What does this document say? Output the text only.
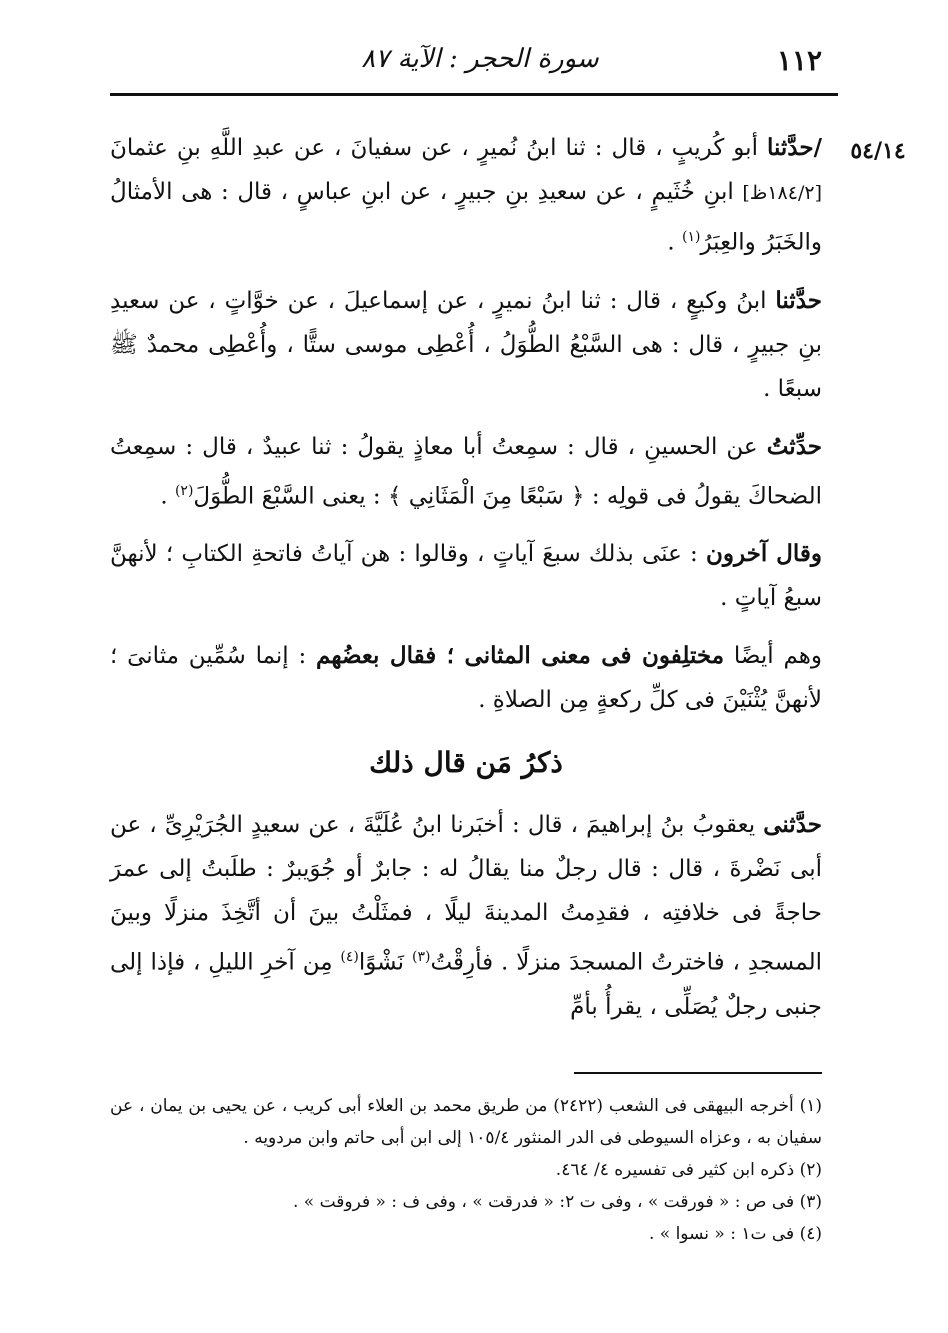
١١٢
سورة الحجر : الآية ٨٧
٥٤/١٤

/حدَّثنا أبو كُريبٍ ، قال : ثنا ابنُ نُميرٍ ، عن سفيانَ ، عن عبدِ اللَّهِ بنِ عثمانَ [١٨٤/٢ظ] ابنِ خُثَيمٍ ، عن سعيدِ بنِ جبيرٍ ، عن ابنِ عباسٍ ، قال : هى الأمثالُ والخَبَرُ والعِبَرُ$^{(١)}$ .

حدَّثنا ابنُ وكيعٍ ، قال : ثنا ابنُ نميرٍ ، عن إسماعيلَ ، عن خوَّاتٍ ، عن سعيدِ بنِ جبيرٍ ، قال : هى السَّبْعُ الطُّوَلُ ، أُعْطِى موسى ستًّا ، وأُعْطِى محمدٌ ﷺ سبعًا .

حدِّثتُ عن الحسينِ ، قال : سمِعتُ أبا معاذٍ يقولُ : ثنا عبيدٌ ، قال : سمِعتُ الضحاكَ يقولُ فى قولِه : ﴿ سَبْعًا مِنَ الْمَثَانِي ﴾ : يعنى السَّبْعَ الطُّوَلَ$^{(٢)}$ .

وقال آخرون : عنَى بذلك سبعَ آياتٍ ، وقالوا : هن آياتُ فاتحةِ الكتابِ ؛ لأنهنَّ سبعُ آياتٍ .

وهم أيضًا مختلِفون فى معنى المثانى ؛ فقال بعضُهم : إنما سُمِّين مثانىَ ؛ لأنهنَّ يُثْنَيْنَ فى كلِّ ركعةٍ مِن الصلاةِ .

ذكرُ مَن قال ذلك

حدَّثنى يعقوبُ بنُ إبراهيمَ ، قال : أخبَرنا ابنُ عُلَيَّةَ ، عن سعيدٍ الجُرَيْرِىِّ ، عن أبى نَضْرةَ ، قال : قال رجلٌ منا يقالُ له : جابرٌ أو جُوَيبرٌ : طلَبتُ إلى عمرَ حاجةً فى خلافتِه ، فقدِمتُ المدينةَ ليلًا ، فمثَلْتُ بينَ أن أتَّخِذَ منزلًا وبينَ المسجدِ ، فاخترتُ المسجدَ منزلًا . فأرِقْتُ$^{(٣)}$ نَشْوًا$^{(٤)}$ مِن آخرِ الليلِ ، فإذا إلى جنبى رجلٌ يُصَلِّى ، يقرأُ بأمِّ

(١) أخرجه البيهقى فى الشعب (٢٤٢٢) من طريق محمد بن العلاء أبى كريب ، عن يحيى بن يمان ، عن سفيان به ، وعزاه السيوطى فى الدر المنثور ١٠٥/٤ إلى ابن أبى حاتم وابن مردويه .

(٢) ذكره ابن كثير فى تفسيره ٤/ ٤٦٤.

(٣) فى ص : « فورقت » ، وفى ت ٢: « فدرقت » ، وفى ف : « فروقت » .

(٤) فى ت١ : « نسوا » .
